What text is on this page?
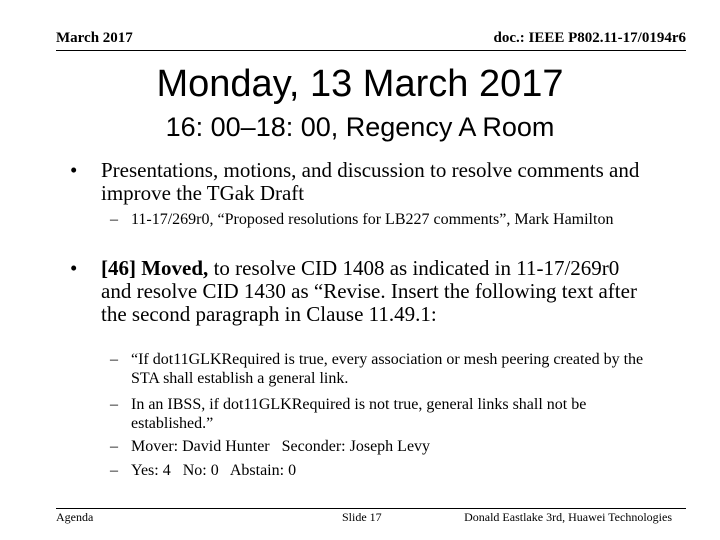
March 2017	doc.: IEEE P802.11-17/0194r6
Monday, 13 March 2017
16: 00–18: 00, Regency A Room
• Presentations, motions, and discussion to resolve comments and improve the TGak Draft
– 11-17/269r0, “Proposed resolutions for LB227 comments”, Mark Hamilton
• [46] Moved, to resolve CID 1408 as indicated in 11-17/269r0 and resolve CID 1430 as “Revise. Insert the following text after the second paragraph in Clause 11.49.1:
– “If dot11GLKRequired is true, every association or mesh peering created by the STA shall establish a general link.
– In an IBSS, if dot11GLKRequired is not true, general links shall not be established.”
– Mover: David Hunter   Seconder: Joseph Levy
– Yes: 4   No: 0   Abstain: 0
Agenda	Slide 17	Donald Eastlake 3rd, Huawei Technologies
